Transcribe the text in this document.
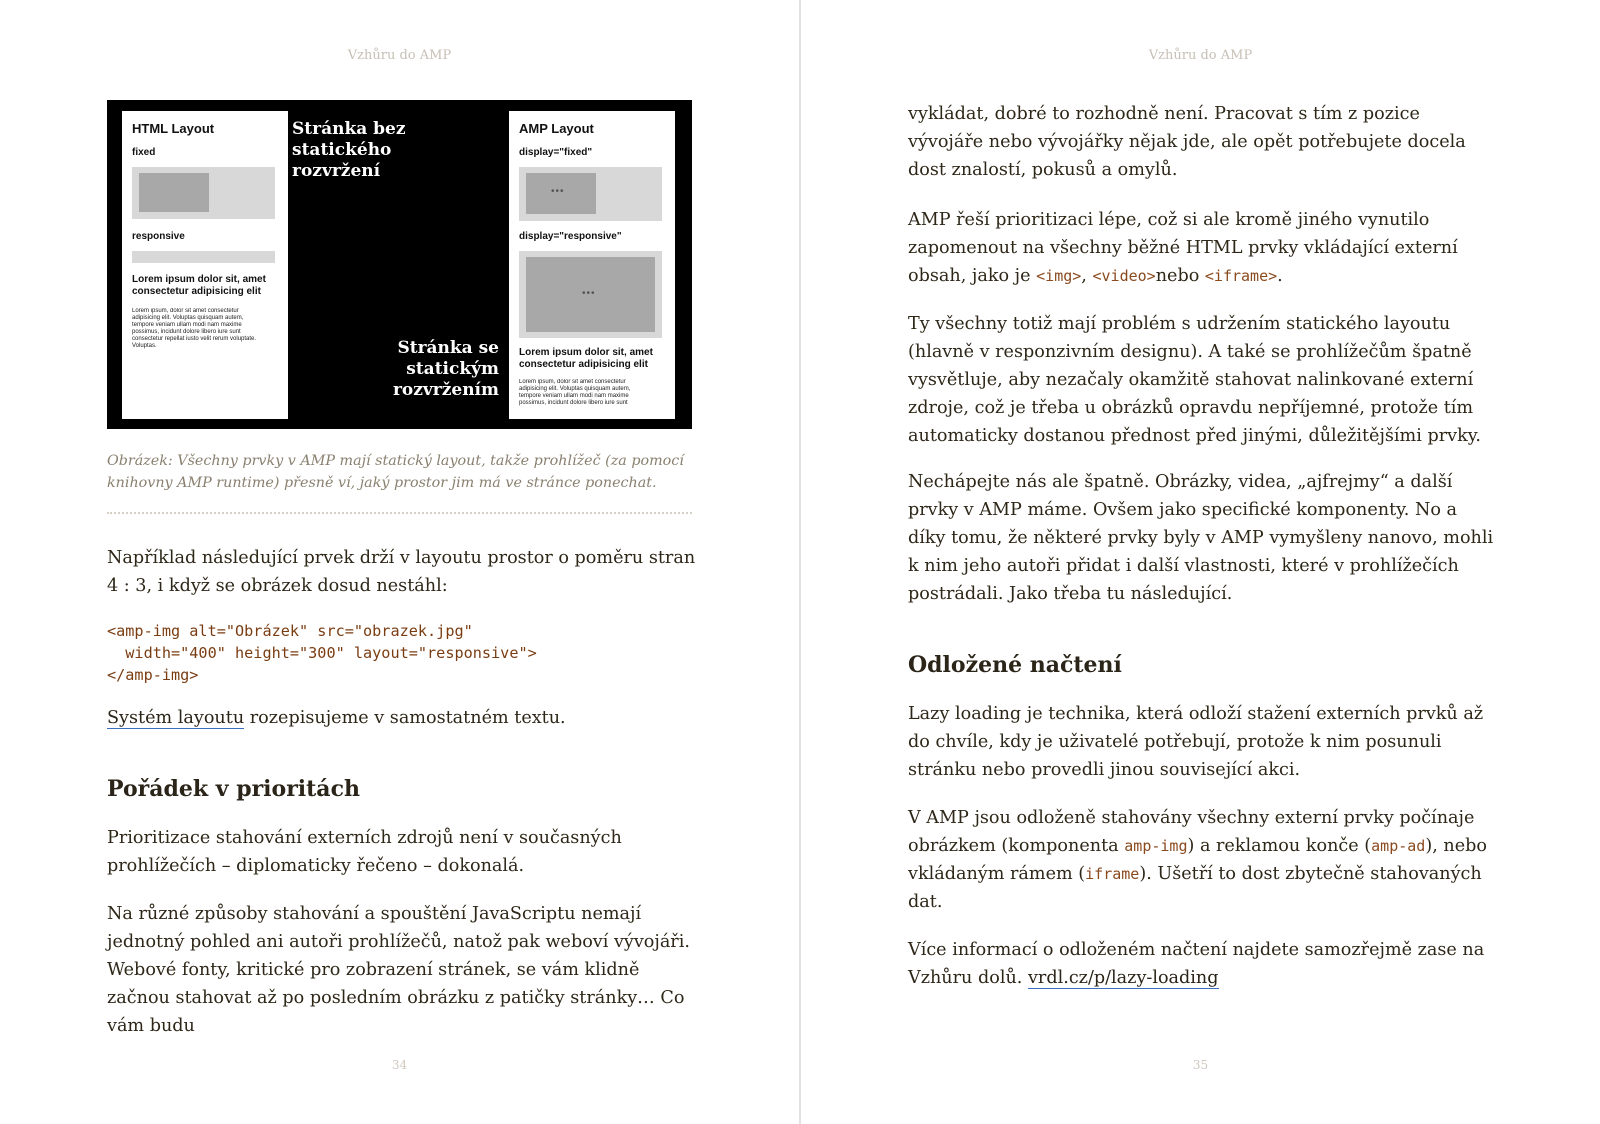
Vzhůru do AMP
HTML Layout
fixed
responsive
Lorem ipsum dolor sit, amet consectetur adipisicing elit
Lorem ipsum, dolor sit amet consectetur adipisicing elit. Voluptas quisquam autem, tempore veniam ullam modi nam maxime possimus, incidunt dolore libero iure sunt consectetur repellat iusto velit rerum voluptate. Voluptas.
Stránka bez statického rozvržení
Stránka se statickým rozvržením
AMP Layout
display="fixed"
•••
display="responsive"
•••
Lorem ipsum dolor sit, amet consectetur adipisicing elit
Lorem ipsum, dolor sit amet consectetur adipisicing elit. Voluptas quisquam autem, tempore veniam ullam modi nam maxime possimus, incidunt dolore libero iure sunt
Obrázek: Všechny prvky v AMP mají statický layout, takže prohlížeč (za pomocí knihovny AMP runtime) přesně ví, jaký prostor jim má ve stránce ponechat.

Například následující prvek drží v layoutu prostor o poměru stran 4 : 3, i když se obrázek dosud nestáhl:

<amp-img alt="Obrázek" src="obrazek.jpg"
width="400" height="300" layout="responsive">
</amp-img>

Systém layoutu rozepisujeme v samostatném textu.

Pořádek v prioritách

Prioritizace stahování externích zdrojů není v současných prohlížečích – diplomaticky řečeno – dokonalá.

Na různé způsoby stahování a spouštění JavaScriptu nemají jednotný pohled ani autoři prohlížečů, natož pak weboví vývojáři. Webové fonty, kritické pro zobrazení stránek, se vám klidně začnou stahovat až po posledním obrázku z patičky stránky… Co vám budu

34
Vzhůru do AMP

vykládat, dobré to rozhodně není. Pracovat s tím z pozice vývojáře nebo vývojářky nějak jde, ale opět potřebujete docela dost znalostí, pokusů a omylů.

AMP řeší prioritizaci lépe, což si ale kromě jiného vynutilo zapomenout na všechny běžné HTML prvky vkládající externí obsah, jako je <img>, <video>nebo <iframe>.

Ty všechny totiž mají problém s udržením statického layoutu (hlavně v responzivním designu). A také se prohlížečům špatně vysvětluje, aby nezačaly okamžitě stahovat nalinkované externí zdroje, což je třeba u obrázků opravdu nepříjemné, protože tím automaticky dostanou přednost před jinými, důležitějšími prvky.

Nechápejte nás ale špatně. Obrázky, videa, „ajfrejmy“ a další prvky v AMP máme. Ovšem jako specifické komponenty. No a díky tomu, že některé prvky byly v AMP vymyšleny nanovo, mohli k nim jeho autoři přidat i další vlastnosti, které v prohlížečích postrádali. Jako třeba tu následující.

Odložené načtení

Lazy loading je technika, která odloží stažení externích prvků až do chvíle, kdy je uživatelé potřebují, protože k nim posunuli stránku nebo provedli jinou související akci.

V AMP jsou odloženě stahovány všechny externí prvky počínaje obrázkem (komponenta amp-img) a reklamou konče (amp-ad), nebo vkládaným rámem (iframe). Ušetří to dost zbytečně stahovaných dat.

Více informací o odloženém načtení najdete samozřejmě zase na Vzhůru dolů. vrdl.cz/p/lazy-loading

35
